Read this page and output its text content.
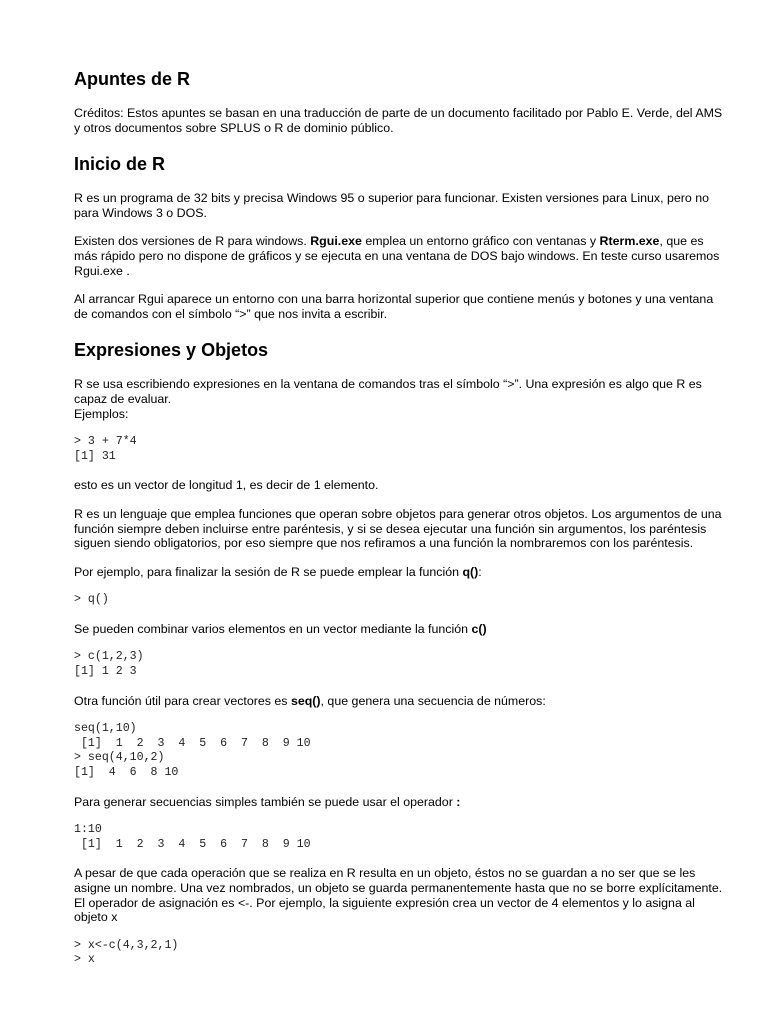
Apuntes de R

Créditos: Estos apuntes se basan en una traducción de parte de un documento facilitado por Pablo E. Verde, del AMS y otros documentos sobre SPLUS o R de dominio público.

Inicio de R

R es un programa de 32 bits y precisa Windows 95 o superior para funcionar. Existen versiones para Linux, pero no para Windows 3 o DOS.

Existen dos versiones de R para windows. Rgui.exe emplea un entorno gráfico con ventanas y Rterm.exe, que es más rápido pero no dispone de gráficos y se ejecuta en una ventana de DOS bajo windows. En teste curso usaremos Rgui.exe .

Al arrancar Rgui aparece un entorno con una barra horizontal superior que contiene menús y botones y una ventana de comandos con el símbolo “>” que nos invita a escribir.

Expresiones y Objetos

R se usa escribiendo expresiones en la ventana de comandos tras el símbolo “>”. Una expresión es algo que R es capaz de evaluar.
Ejemplos:

> 3 + 7*4
[1] 31

esto es un vector de longitud 1, es decir de 1 elemento.

R es un lenguaje que emplea funciones que operan sobre objetos para generar otros objetos. Los argumentos de una función siempre deben incluirse entre paréntesis, y si se desea ejecutar una función sin argumentos, los paréntesis siguen siendo obligatorios, por eso siempre que nos refiramos a una función la nombraremos con los paréntesis.

Por ejemplo, para finalizar la sesión de R se puede emplear la función q():

> q()

Se pueden combinar varios elementos en un vector mediante la función c()

> c(1,2,3)
[1] 1 2 3

Otra función útil para crear vectores es seq(), que genera una secuencia de números:

seq(1,10)
[1]  1  2  3  4  5  6  7  8  9 10
> seq(4,10,2)
[1]  4  6  8 10

Para generar secuencias simples también se puede usar el operador :

1:10
[1]  1  2  3  4  5  6  7  8  9 10

A pesar de que cada operación que se realiza en R resulta en un objeto, éstos no se guardan a no ser que se les asigne un nombre. Una vez nombrados, un objeto se guarda permanentemente hasta que no se borre explícitamente. El operador de asignación es <-. Por ejemplo, la siguiente expresión crea un vector de 4 elementos y lo asigna al objeto x

> x<-c(4,3,2,1)
> x
